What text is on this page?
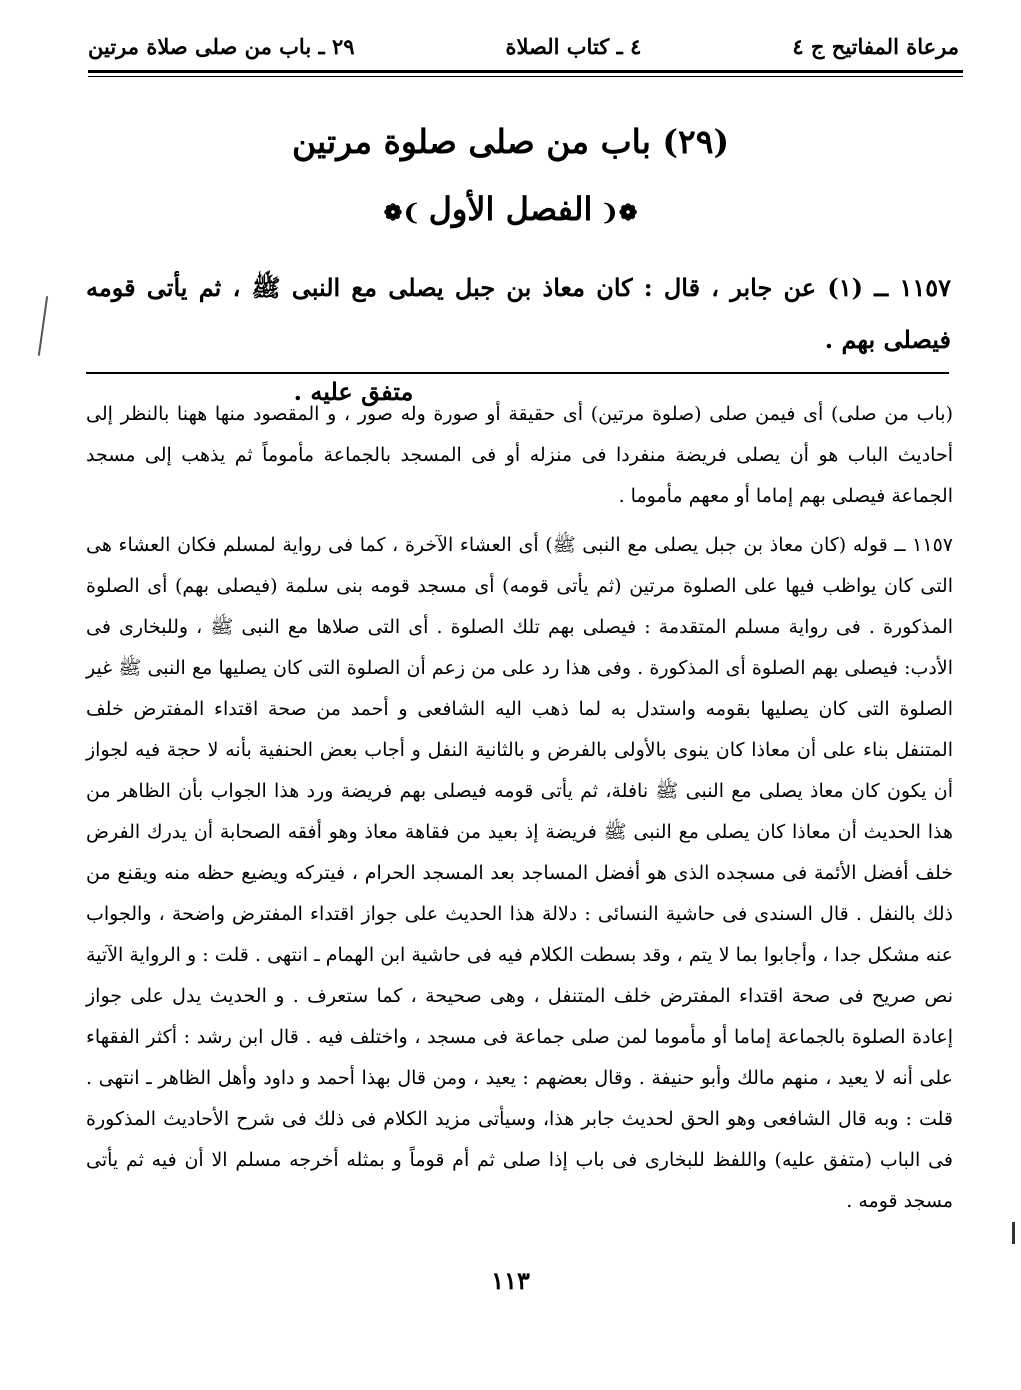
مرعاة المفاتيح ج ٤
٤ ـ كتاب الصلاة
٢٩ ـ باب من صلى صلاة مرتين
(٢٩) باب من صلى صلوة مرتين
❁❨الفصل الأول❩❁
١١٥٧ ــ (١) عن جابر ، قال : كان معاذ بن جبل يصلى مع النبى ﷺ ، ثم يأتى قومه فيصلى بهم .
متفق عليه .

(باب من صلى) أى فيمن صلى (صلوة مرتين) أى حقيقة أو صورة وله صور ، و المقصود منها ههنا بالنظر إلى أحاديث الباب هو أن يصلى فريضة منفردا فى منزله أو فى المسجد بالجماعة مأموماً ثم يذهب إلى مسجد الجماعة فيصلى بهم إماما أو معهم مأموما .

١١٥٧ ــ قوله (كان معاذ بن جبل يصلى مع النبى ﷺ) أى العشاء الآخرة ، كما فى رواية لمسلم فكان العشاء هى التى كان يواظب فيها على الصلوة مرتين (ثم يأتى قومه) أى مسجد قومه بنى سلمة (فيصلى بهم) أى الصلوة المذكورة . فى رواية مسلم المتقدمة : فيصلى بهم تلك الصلوة . أى التى صلاها مع النبى ﷺ ، وللبخارى فى الأدب: فيصلى بهم الصلوة أى المذكورة . وفى هذا رد على من زعم أن الصلوة التى كان يصليها مع النبى ﷺ غير الصلوة التى كان يصليها بقومه واستدل به لما ذهب اليه الشافعى و أحمد من صحة اقتداء المفترض خلف المتنفل بناء على أن معاذا كان ينوى بالأولى بالفرض و بالثانية النفل و أجاب بعض الحنفية بأنه لا حجة فيه لجواز أن يكون كان معاذ يصلى مع النبى ﷺ نافلة، ثم يأتى قومه فيصلى بهم فريضة ورد هذا الجواب بأن الظاهر من هذا الحديث أن معاذا كان يصلى مع النبى ﷺ فريضة إذ بعيد من فقاهة معاذ وهو أفقه الصحابة أن يدرك الفرض خلف أفضل الأئمة فى مسجده الذى هو أفضل المساجد بعد المسجد الحرام ، فيتركه ويضيع حظه منه ويقنع من ذلك بالنفل . قال السندى فى حاشية النسائى : دلالة هذا الحديث على جواز اقتداء المفترض واضحة ، والجواب عنه مشكل جدا ، وأجابوا بما لا يتم ، وقد بسطت الكلام فيه فى حاشية ابن الهمام ـ انتهى . قلت : و الرواية الآتية نص صريح فى صحة اقتداء المفترض خلف المتنفل ، وهى صحيحة ، كما ستعرف . و الحديث يدل على جواز إعادة الصلوة بالجماعة إماما أو مأموما لمن صلى جماعة فى مسجد ، واختلف فيه . قال ابن رشد : أكثر الفقهاء على أنه لا يعيد ، منهم مالك وأبو حنيفة . وقال بعضهم : يعيد ، ومن قال بهذا أحمد و داود وأهل الظاهر ـ انتهى . قلت : وبه قال الشافعى وهو الحق لحديث جابر هذا، وسيأتى مزيد الكلام فى ذلك فى شرح الأحاديث المذكورة فى الباب (متفق عليه) واللفظ للبخارى فى باب إذا صلى ثم أم قوماً و بمثله أخرجه مسلم الا أن فيه ثم يأتى مسجد قومه .

١١٣
